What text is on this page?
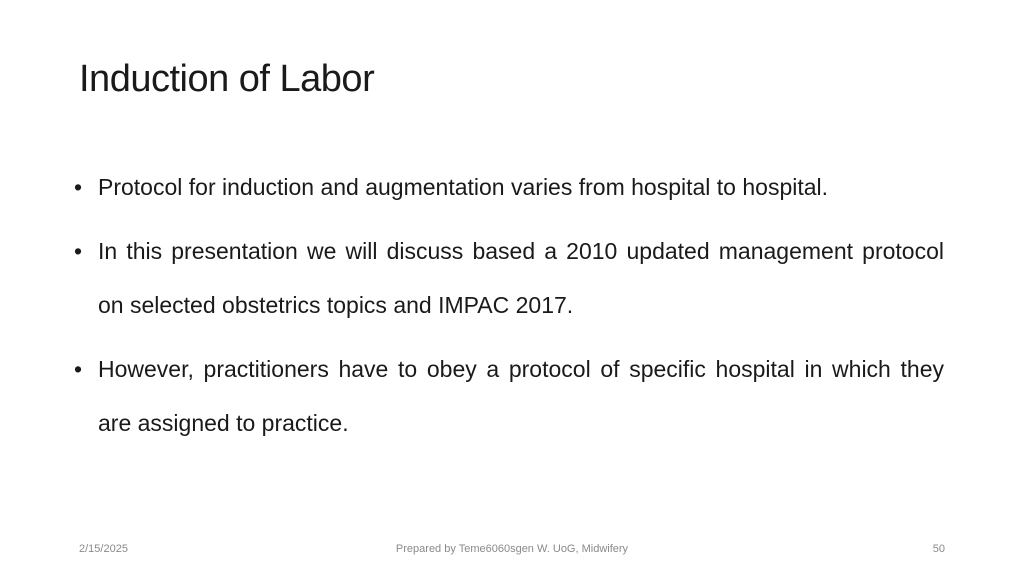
Induction of Labor
• Protocol for induction and augmentation varies from hospital to hospital.
• In this presentation we will discuss based a 2010 updated management protocol on selected obstetrics topics and IMPAC 2017.
• However, practitioners have to obey a protocol of specific hospital in which they are assigned to practice.
2/15/2025	Prepared by Teme6060sgen W. UoG, Midwifery	50
